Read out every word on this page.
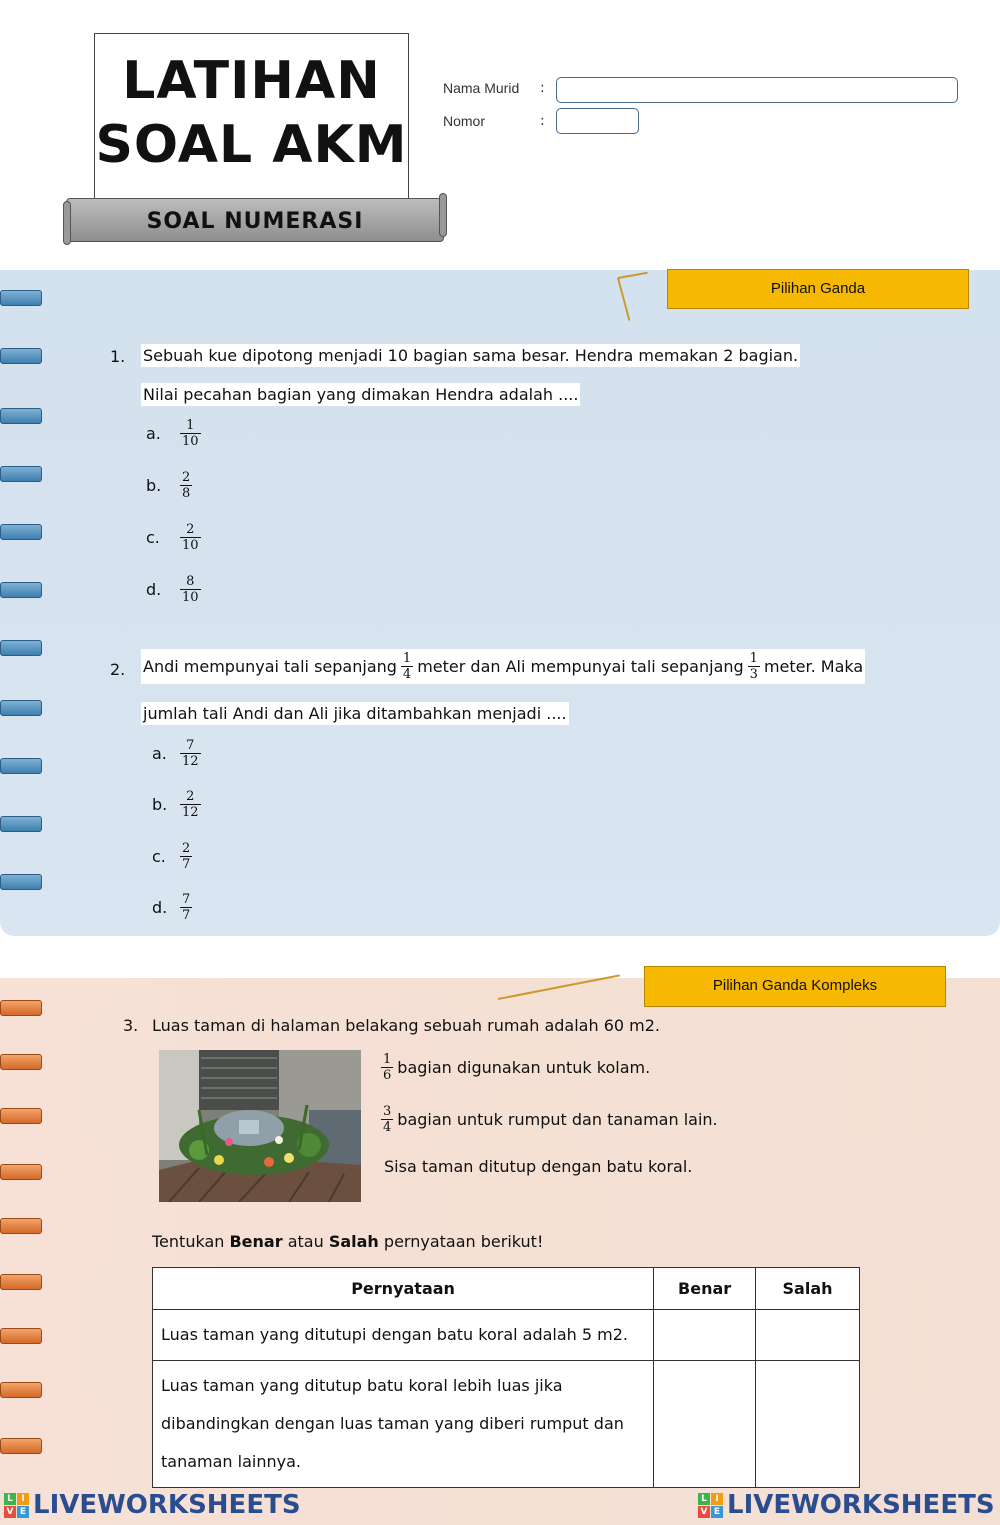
LATIHAN
SOAL AKM
SOAL NUMERASI
Nama Murid :
Nomor	:
Pilihan Ganda
1. Sebuah kue dipotong menjadi 10 bagian sama besar. Hendra memakan 2 bagian.
Nilai pecahan bagian yang dimakan Hendra adalah ....
a.	$\frac{1}{10}$
b.	$\frac{2}{8}$
c.	$\frac{2}{10}$
d.	$\frac{8}{10}$
2. Andi mempunyai tali sepanjang $\frac{1}{4}$ meter dan Ali mempunyai tali sepanjang $\frac{1}{3}$ meter. Maka
jumlah tali Andi dan Ali jika ditambahkan menjadi ....
a.	$\frac{7}{12}$
b. $\frac{2}{12}$
c.	$\frac{2}{7}$
d. $\frac{7}{7}$
Pilihan Ganda Kompleks
3. Luas taman di halaman belakang sebuah rumah adalah 60 m2.
$\frac{1}{6}$ bagian digunakan untuk kolam.
$\frac{3}{4}$ bagian untuk rumput dan tanaman lain.
Sisa taman ditutup dengan batu koral.
Tentukan Benar atau Salah pernyataan berikut!
Pernyataan	Benar	Salah
Luas taman yang ditutupi dengan batu koral adalah 5 m2.		
Luas taman yang ditutup batu koral lebih luas jika dibandingkan dengan luas taman yang diberi rumput dan tanaman lainnya.		
L I
V E LIVEWORKSHEETS	L I
V E LIVEWORKSHEETS
